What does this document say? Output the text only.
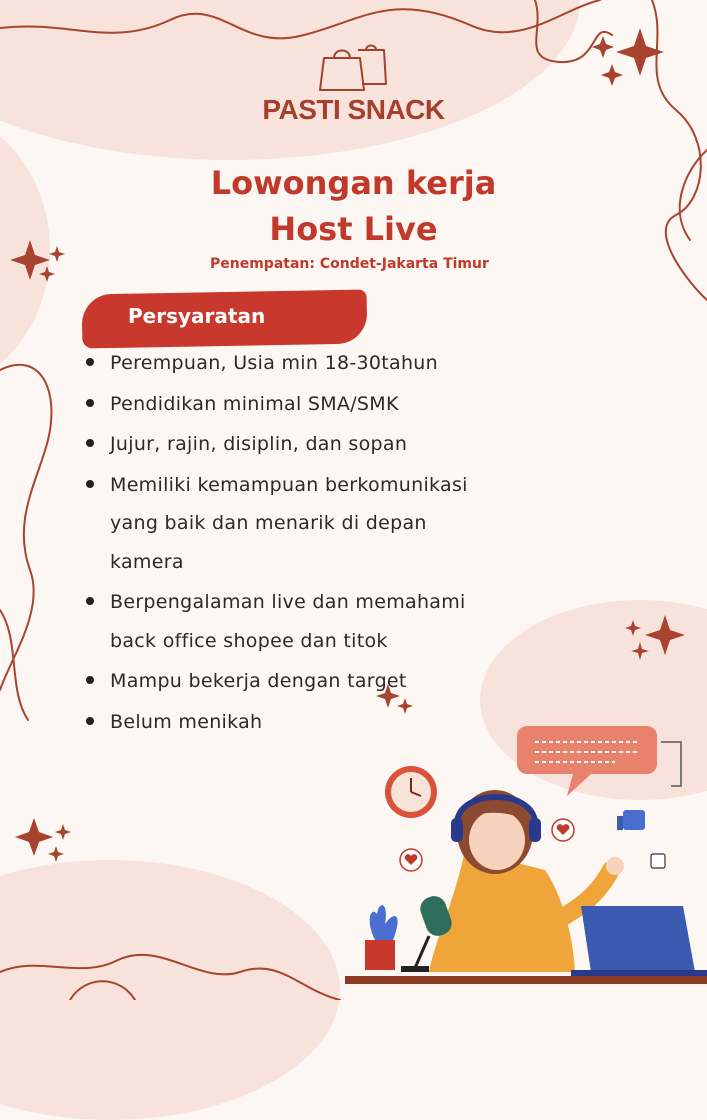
PASTI SNACK
Lowongan kerja
Host Live
Penempatan: Condet-Jakarta Timur
Persyaratan
Perempuan, Usia min 18-30tahun
Pendidikan minimal SMA/SMK
Jujur, rajin, disiplin, dan sopan
Memiliki kemampuan berkomunikasi
yang baik dan menarik di depan
kamera
Berpengalaman live dan memahami
back office shopee dan titok
Mampu bekerja dengan target
Belum menikah
